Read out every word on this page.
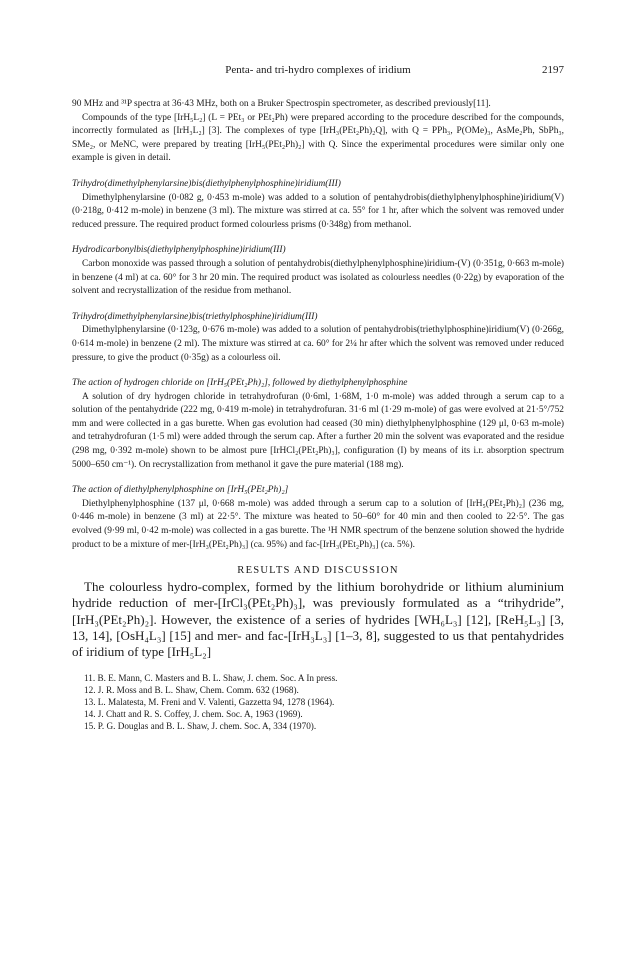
Penta- and tri-hydro complexes of iridium	2197

90 MHz and ³¹P spectra at 36·43 MHz, both on a Bruker Spectrospin spectrometer, as described previously[11].

Compounds of the type [IrH₅L₂] (L = PEt₃ or PEt₂Ph) were prepared according to the procedure described for the compounds, incorrectly formulated as [IrH₃L₂] [3]. The complexes of type [IrH₃(PEt₂Ph)₂Q], with Q = PPh₃, P(OMe)₃, AsMe₂Ph, SbPh₃, SMe₂, or MeNC, were prepared by treating [IrH₅(PEt₂Ph)₂] with Q. Since the experimental procedures were similar only one example is given in detail.

Trihydro(dimethylphenylarsine)bis(diethylphenylphosphine)iridium(III)

Dimethylphenylarsine (0·082 g, 0·453 m-mole) was added to a solution of pentahydrobis(diethylphenylphosphine)iridium(V) (0·218g, 0·412 m-mole) in benzene (3 ml). The mixture was stirred at ca. 55° for 1 hr, after which the solvent was removed under reduced pressure. The required product formed colourless prisms (0·348g) from methanol.

Hydrodicarbonylbis(diethylphenylphosphine)iridium(III)

Carbon monoxide was passed through a solution of pentahydrobis(diethylphenylphosphine)iridium-(V) (0·351g, 0·663 m-mole) in benzene (4 ml) at ca. 60° for 3 hr 20 min. The required product was isolated as colourless needles (0·22g) by evaporation of the solvent and recrystallization of the residue from methanol.

Trihydro(dimethylphenylarsine)bis(triethylphosphine)iridium(III)

Dimethylphenylarsine (0·123g, 0·676 m-mole) was added to a solution of pentahydrobis(triethylphosphine)iridium(V) (0·266g, 0·614 m-mole) in benzene (2 ml). The mixture was stirred at ca. 60° for 2¼ hr after which the solvent was removed under reduced pressure, to give the product (0·35g) as a colourless oil.

The action of hydrogen chloride on [IrH₅(PEt₂Ph)₂], followed by diethylphenylphosphine

A solution of dry hydrogen chloride in tetrahydrofuran (0·6ml, 1·68M, 1·0 m-mole) was added through a serum cap to a solution of the pentahydride (222 mg, 0·419 m-mole) in tetrahydrofuran. 31·6 ml (1·29 m-mole) of gas were evolved at 21·5°/752 mm and were collected in a gas burette. When gas evolution had ceased (30 min) diethylphenylphosphine (129 μl, 0·63 m-mole) and tetrahydrofuran (1·5 ml) were added through the serum cap. After a further 20 min the solvent was evaporated and the residue (298 mg, 0·392 m-mole) shown to be almost pure [IrHCl₂(PEt₂Ph)₃], configuration (I) by means of its i.r. absorption spectrum 5000–650 cm⁻¹). On recrystallization from methanol it gave the pure material (188 mg).

The action of diethylphenylphosphine on [IrH₅(PEt₂Ph)₂]

Diethylphenylphosphine (137 μl, 0·668 m-mole) was added through a serum cap to a solution of [IrH₅(PEt₂Ph)₂] (236 mg, 0·446 m-mole) in benzene (3 ml) at 22·5°. The mixture was heated to 50–60° for 40 min and then cooled to 22·5°. The gas evolved (9·99 ml, 0·42 m-mole) was collected in a gas burette. The ¹H NMR spectrum of the benzene solution showed the hydride product to be a mixture of mer-[IrH₃(PEt₂Ph)₃] (ca. 95%) and fac-[IrH₃(PEt₂Ph)₃] (ca. 5%).

RESULTS AND DISCUSSION

The colourless hydro-complex, formed by the lithium borohydride or lithium aluminium hydride reduction of mer-[IrCl₃(PEt₂Ph)₃], was previously formulated as a “trihydride”, [IrH₃(PEt₂Ph)₂]. However, the existence of a series of hydrides [WH₆L₃] [12], [ReH₅L₃] [3, 13, 14], [OsH₄L₃] [15] and mer- and fac-[IrH₃L₃] [1–3, 8], suggested to us that pentahydrides of iridium of type [IrH₅L₂]

11. B. E. Mann, C. Masters and B. L. Shaw, J. chem. Soc. A In press.
12. J. R. Moss and B. L. Shaw, Chem. Comm. 632 (1968).
13. L. Malatesta, M. Freni and V. Valenti, Gazzetta 94, 1278 (1964).
14. J. Chatt and R. S. Coffey, J. chem. Soc. A, 1963 (1969).
15. P. G. Douglas and B. L. Shaw, J. chem. Soc. A, 334 (1970).
